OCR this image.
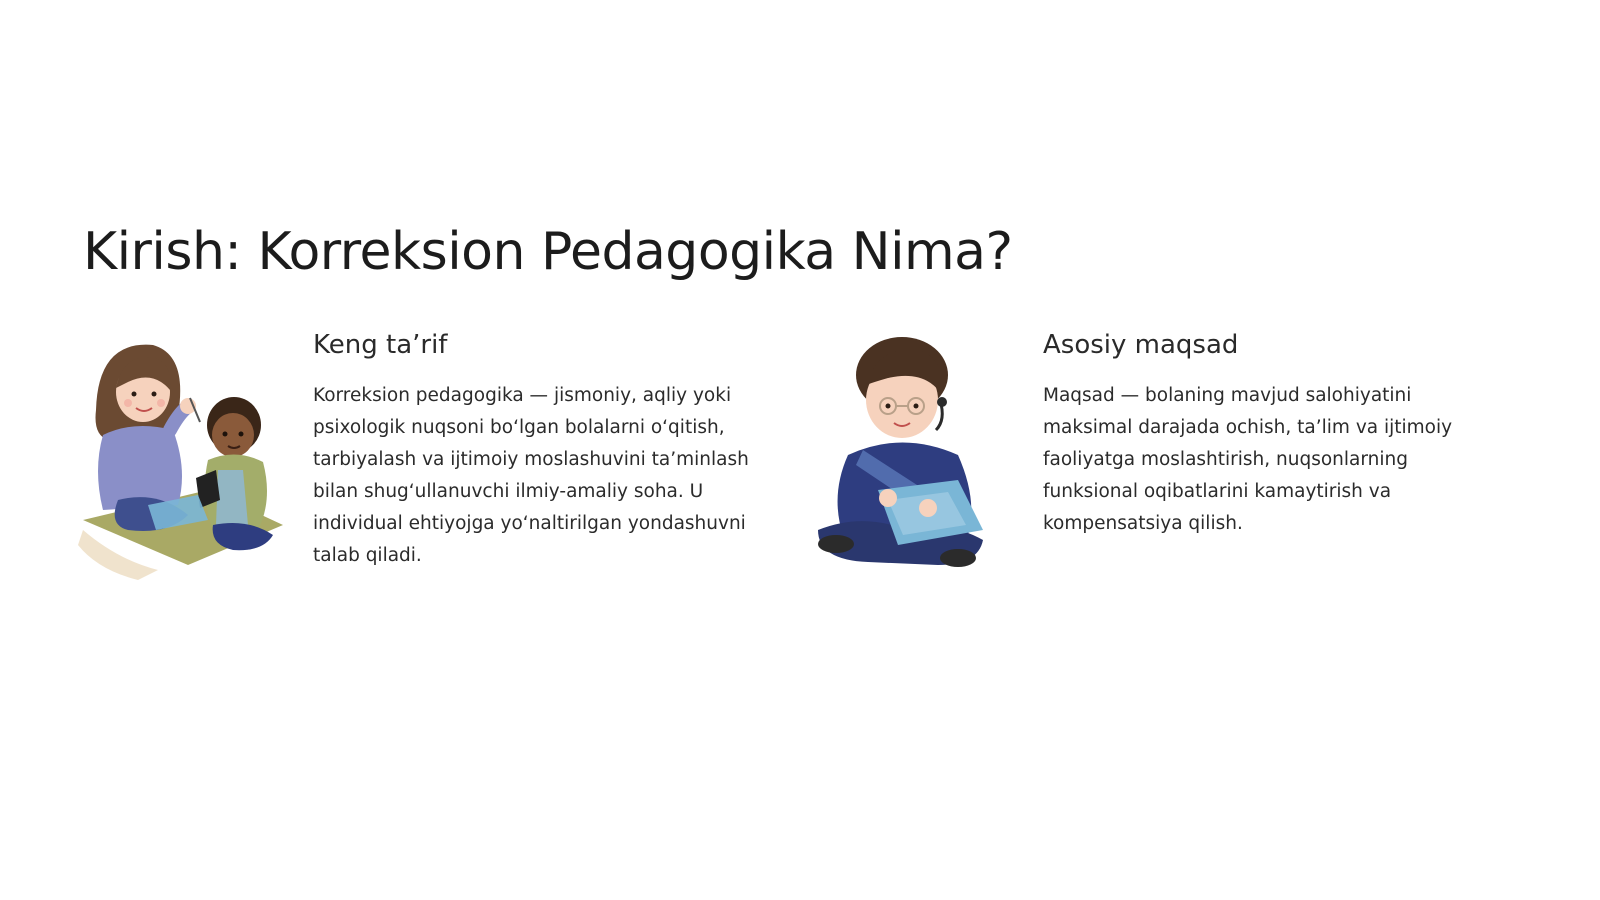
Kirish: Korreksion Pedagogika Nima?
Keng ta’rif

Korreksion pedagogika — jismoniy, aqliy yoki psixologik nuqsoni bo‘lgan bolalarni o‘qitish, tarbiyalash va ijtimoiy moslashuvini ta’minlash bilan shug‘ullanuvchi ilmiy-amaliy soha. U individual ehtiyojga yo‘naltirilgan yondashuvni talab qiladi.

Asosiy maqsad

Maqsad — bolaning mavjud salohiyatini maksimal darajada ochish, ta’lim va ijtimoiy faoliyatga moslashtirish, nuqsonlarning funksional oqibatlarini kamaytirish va kompensatsiya qilish.
